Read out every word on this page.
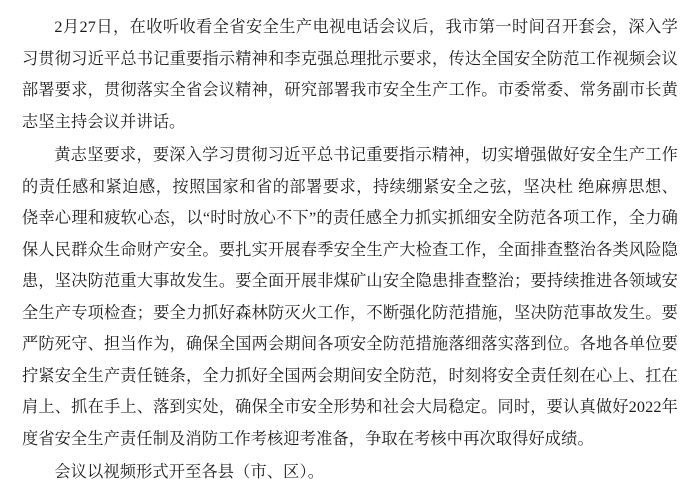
2月27日，在收听收看全省安全生产电视电话会议后，我市第一时间召开套会，深入学习贯彻习近平总书记重要指示精神和李克强总理批示要求，传达全国安全防范工作视频会议部署要求，贯彻落实全省会议精神，研究部署我市安全生产工作。市委常委、常务副市长黄志坚主持会议并讲话。

黄志坚要求，要深入学习贯彻习近平总书记重要指示精神，切实增强做好安全生产工作的责任感和紧迫感，按照国家和省的部署要求，持续绷紧安全之弦，坚决杜 绝麻痹思想、侥幸心理和疲软心态，以“时时放心不下”的责任感全力抓实抓细安全防范各项工作，全力确保人民群众生命财产安全。要扎实开展春季安全生产大检查工作，全面排查整治各类风险隐患，坚决防范重大事故发生。要全面开展非煤矿山安全隐患排查整治；要持续推进各领域安全生产专项检查；要全力抓好森林防灭火工作，不断强化防范措施，坚决防范事故发生。要严防死守、担当作为，确保全国两会期间各项安全防范措施落细落实落到位。各地各单位要拧紧安全生产责任链条，全力抓好全国两会期间安全防范，时刻将安全责任刻在心上、扛在肩上、抓在手上、落到实处，确保全市安全形势和社会大局稳定。同时，要认真做好2022年度省安全生产责任制及消防工作考核迎考准备，争取在考核中再次取得好成绩。

会议以视频形式开至各县（市、区）。
